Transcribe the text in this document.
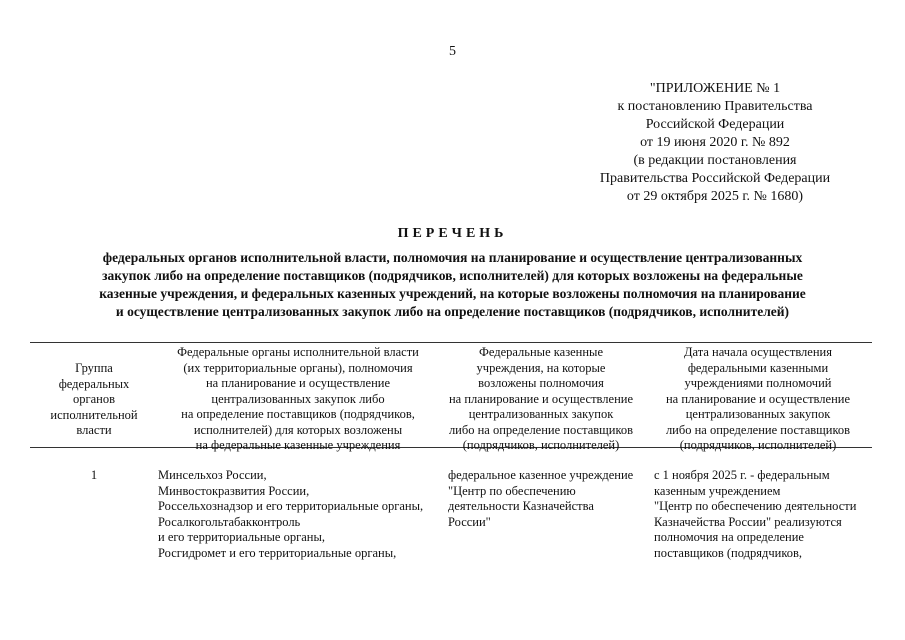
5
"ПРИЛОЖЕНИЕ № 1
к постановлению Правительства
Российской Федерации
от 19 июня 2020 г. № 892
(в редакции постановления
Правительства Российской Федерации
от 29 октября 2025 г. № 1680)
ПЕРЕЧЕНЬ
федеральных органов исполнительной власти, полномочия на планирование и осуществление централизованных
закупок либо на определение поставщиков (подрядчиков, исполнителей) для которых возложены на федеральные
казенные учреждения, и федеральных казенных учреждений, на которые возложены полномочия на планирование
и осуществление централизованных закупок либо на определение поставщиков (подрядчиков, исполнителей)
Группа
федеральных
органов
исполнительной
власти
Федеральные органы исполнительной власти
(их территориальные органы), полномочия
на планирование и осуществление
централизованных закупок либо
на определение поставщиков (подрядчиков,
исполнителей) для которых возложены
на федеральные казенные учреждения
Федеральные казенные
учреждения, на которые
возложены полномочия
на планирование и осуществление
централизованных закупок
либо на определение поставщиков
(подрядчиков, исполнителей)
Дата начала осуществления
федеральными казенными
учреждениями полномочий
на планирование и осуществление
централизованных закупок
либо на определение поставщиков
(подрядчиков, исполнителей)
1	Минсельхоз России,
Минвостокразвития России,
Россельхознадзор и его территориальные органы,
Росалкогольтабакконтроль
и его территориальные органы,
Росгидромет и его территориальные органы,
федеральное казенное учреждение
"Центр по обеспечению
деятельности Казначейства
России"
с 1 ноября 2025 г. - федеральным
казенным учреждением
"Центр по обеспечению деятельности
Казначейства России" реализуются
полномочия на определение
поставщиков (подрядчиков,
